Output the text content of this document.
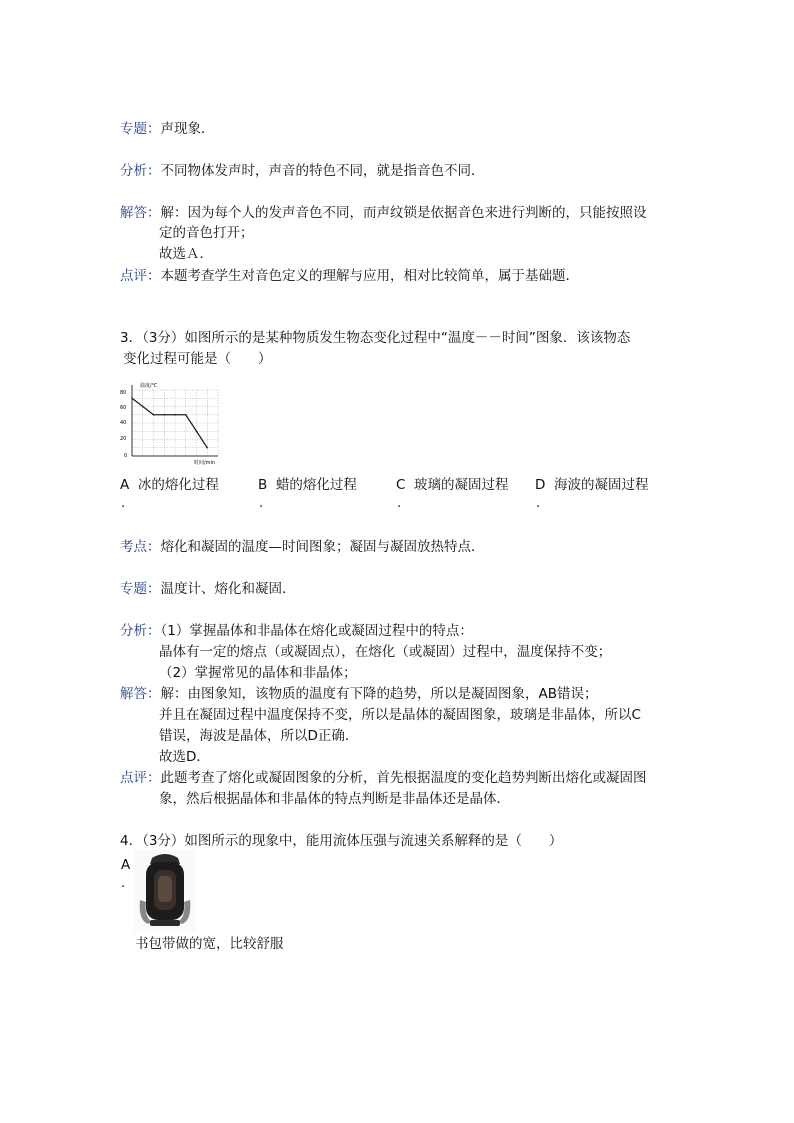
专题：声现象．
分析：不同物体发声时，声音的特色不同，就是指音色不同．
解答：解：因为每个人的发声音色不同，而声纹锁是依据音色来进行判断的，只能按照设
定的音色打开；
故选Ａ．
点评：本题考查学生对音色定义的理解与应用，相对比较简单，属于基础题．
3．（3分）如图所示的是某种物质发生物态变化过程中“温度－－时间”图象．该该物态
变化过程可能是（　　）
温度/℃
时间/min
80
60
40
20
0
A 冰的熔化过程	B 蜡的熔化过程	C 玻璃的凝固过程 D 海波的凝固过程
.	.	.	.
考点：熔化和凝固的温度—时间图象；凝固与凝固放热特点．
专题：温度计、熔化和凝固．
分析：（1）掌握晶体和非晶体在熔化或凝固过程中的特点：
晶体有一定的熔点（或凝固点），在熔化（或凝固）过程中，温度保持不变；
（2）掌握常见的晶体和非晶体；
解答：解：由图象知，该物质的温度有下降的趋势，所以是凝固图象，AB错误；
并且在凝固过程中温度保持不变，所以是晶体的凝固图象，玻璃是非晶体，所以C
错误，海波是晶体，所以D正确．
故选D．
点评：此题考查了熔化或凝固图象的分析，首先根据温度的变化趋势判断出熔化或凝固图
象，然后根据晶体和非晶体的特点判断是非晶体还是晶体．
4．（3分）如图所示的现象中，能用流体压强与流速关系解释的是（　　）
A
.
书包带做的宽，比较舒服
